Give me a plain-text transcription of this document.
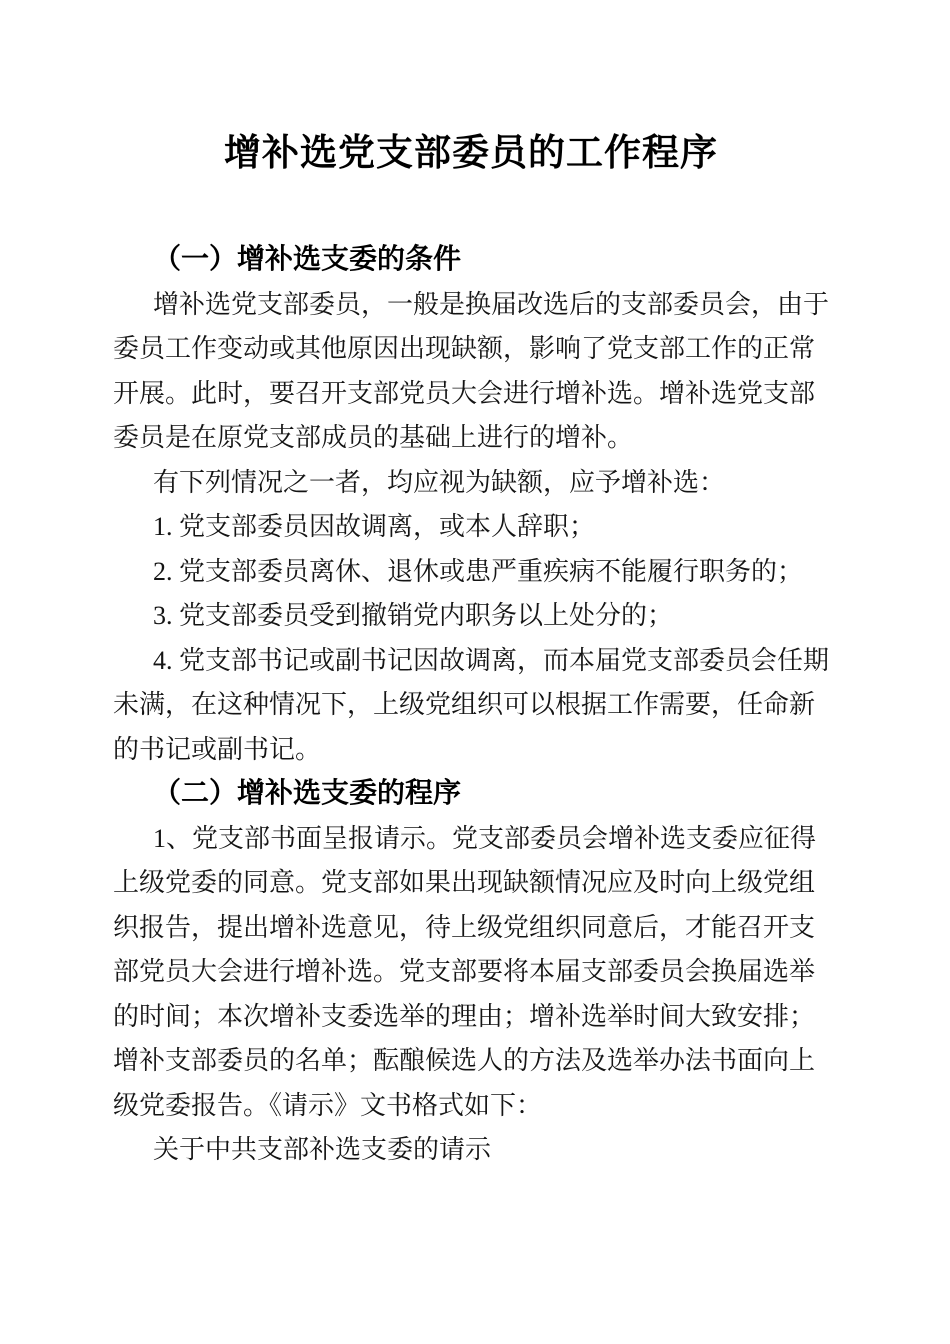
增补选党支部委员的工作程序
（一）增补选支委的条件
增补选党支部委员，一般是换届改选后的支部委员会，由于
委员工作变动或其他原因出现缺额，影响了党支部工作的正常
开展。此时，要召开支部党员大会进行增补选。增补选党支部
委员是在原党支部成员的基础上进行的增补。
有下列情况之一者，均应视为缺额，应予增补选：
1. 党支部委员因故调离，或本人辞职；
2. 党支部委员离休、退休或患严重疾病不能履行职务的；
3. 党支部委员受到撤销党内职务以上处分的；
4. 党支部书记或副书记因故调离，而本届党支部委员会任期
未满，在这种情况下，上级党组织可以根据工作需要，任命新
的书记或副书记。
（二）增补选支委的程序
1、党支部书面呈报请示。党支部委员会增补选支委应征得
上级党委的同意。党支部如果出现缺额情况应及时向上级党组
织报告，提出增补选意见，待上级党组织同意后，才能召开支
部党员大会进行增补选。党支部要将本届支部委员会换届选举
的时间；本次增补支委选举的理由；增补选举时间大致安排；
增补支部委员的名单；酝酿候选人的方法及选举办法书面向上
级党委报告。《请示》文书格式如下：
关于中共支部补选支委的请示
